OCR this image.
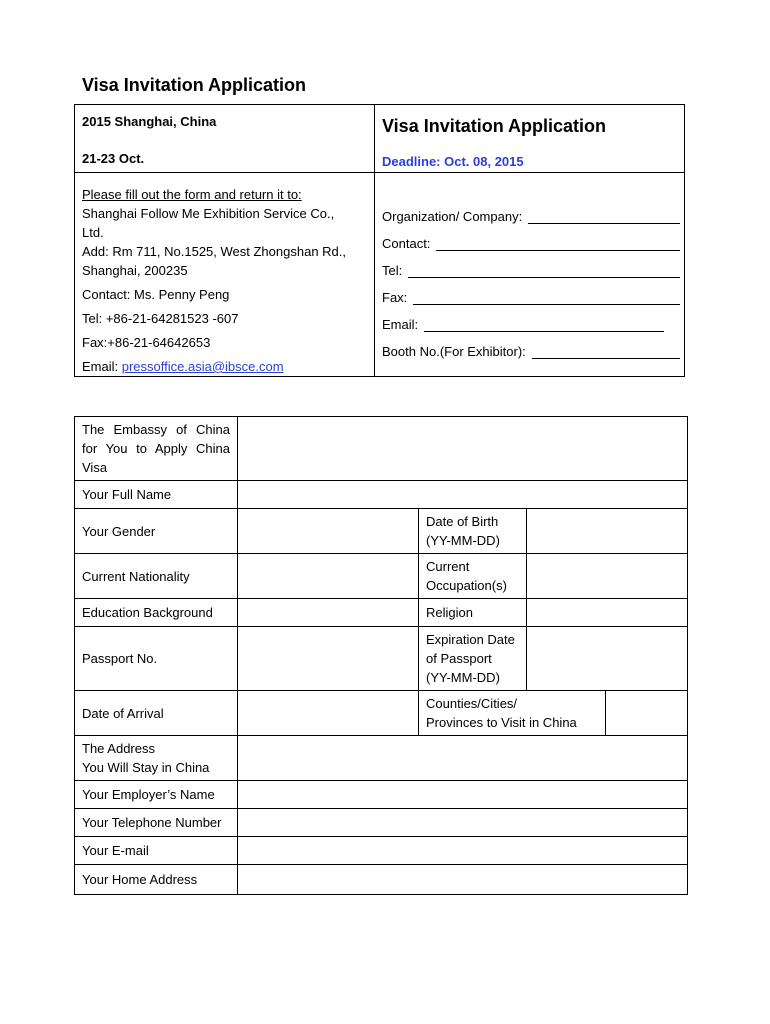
Visa Invitation Application
2015 Shanghai, China
21-23 Oct.
Visa Invitation Application
Deadline: Oct. 08, 2015
Please fill out the form and return it to:
Shanghai Follow Me Exhibition Service Co.,
Ltd.
Add: Rm 711, No.1525, West Zhongshan Rd.,
Shanghai, 200235
Contact: Ms. Penny Peng
Tel: +86-21-64281523 -607
Fax:+86-21-64642653
Email: pressoffice.asia@ibsce.com
Organization/ Company:
Contact:
Tel:
Fax:
Email:
Booth No.(For Exhibitor):
The Embassy of China for You to Apply China Visa				
Your Full Name				
Your Gender		Date of Birth
(YY-MM-DD)		

Current Nationality		Current
Occupation(s)		

Education Background		Religion		
Passport No.		Expiration Date
of Passport
(YY-MM-DD)		

Date of Arrival		Counties/Cities/
Provinces to Visit in China		

The Address
You Will Stay in China				

Your Employer’s Name				
Your Telephone Number				
Your E-mail				
Your Home Address				
